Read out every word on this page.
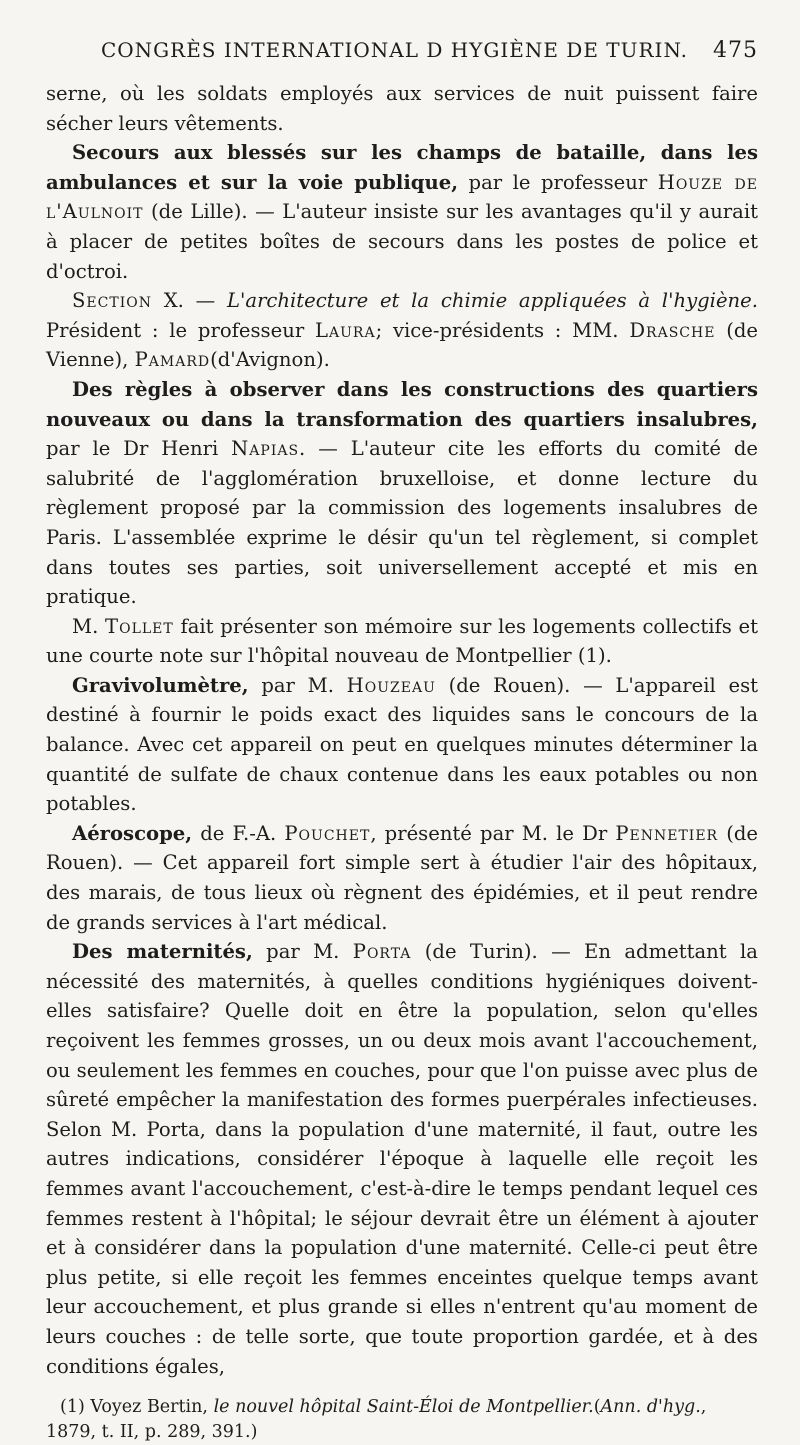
CONGRÈS INTERNATIONAL D HYGIÈNE DE TURIN.	475

serne, où les soldats employés aux services de nuit puissent faire sécher leurs vêtements.

Secours aux blessés sur les champs de bataille, dans les ambulances et sur la voie publique, par le professeur Houze de l'Aulnoit (de Lille). — L'auteur insiste sur les avantages qu'il y aurait à placer de petites boîtes de secours dans les postes de police et d'octroi.

Section X. — L'architecture et la chimie appliquées à l'hygiène. Président : le professeur Laura; vice-présidents : MM. Drasche (de Vienne), Pamard(d'Avignon).

Des règles à observer dans les constructions des quartiers nouveaux ou dans la transformation des quartiers insalubres, par le Dr Henri Napias. — L'auteur cite les efforts du comité de salubrité de l'agglomération bruxelloise, et donne lecture du règlement proposé par la commission des logements insalubres de Paris. L'assemblée exprime le désir qu'un tel règlement, si complet dans toutes ses parties, soit universellement accepté et mis en pratique.

M. Tollet fait présenter son mémoire sur les logements collectifs et une courte note sur l'hôpital nouveau de Montpellier (1).

Gravivolumètre, par M. Houzeau (de Rouen). — L'appareil est destiné à fournir le poids exact des liquides sans le concours de la balance. Avec cet appareil on peut en quelques minutes déterminer la quantité de sulfate de chaux contenue dans les eaux potables ou non potables.

Aéroscope, de F.-A. Pouchet, présenté par M. le Dr Pennetier (de Rouen). — Cet appareil fort simple sert à étudier l'air des hôpitaux, des marais, de tous lieux où règnent des épidémies, et il peut rendre de grands services à l'art médical.

Des maternités, par M. Porta (de Turin). — En admettant la nécessité des maternités, à quelles conditions hygiéniques doivent-elles satisfaire? Quelle doit en être la population, selon qu'elles reçoivent les femmes grosses, un ou deux mois avant l'accouchement, ou seulement les femmes en couches, pour que l'on puisse avec plus de sûreté empêcher la manifestation des formes puerpérales infectieuses. Selon M. Porta, dans la population d'une maternité, il faut, outre les autres indications, considérer l'époque à laquelle elle reçoit les femmes avant l'accouchement, c'est-à-dire le temps pendant lequel ces femmes restent à l'hôpital; le séjour devrait être un élément à ajouter et à considérer dans la population d'une maternité. Celle-ci peut être plus petite, si elle reçoit les femmes enceintes quelque temps avant leur accouchement, et plus grande si elles n'entrent qu'au moment de leurs couches : de telle sorte, que toute proportion gardée, et à des conditions égales,

(1) Voyez Bertin, le nouvel hôpital Saint-Éloi de Montpellier.(Ann. d'hyg., 1879, t. II, p. 289, 391.)
